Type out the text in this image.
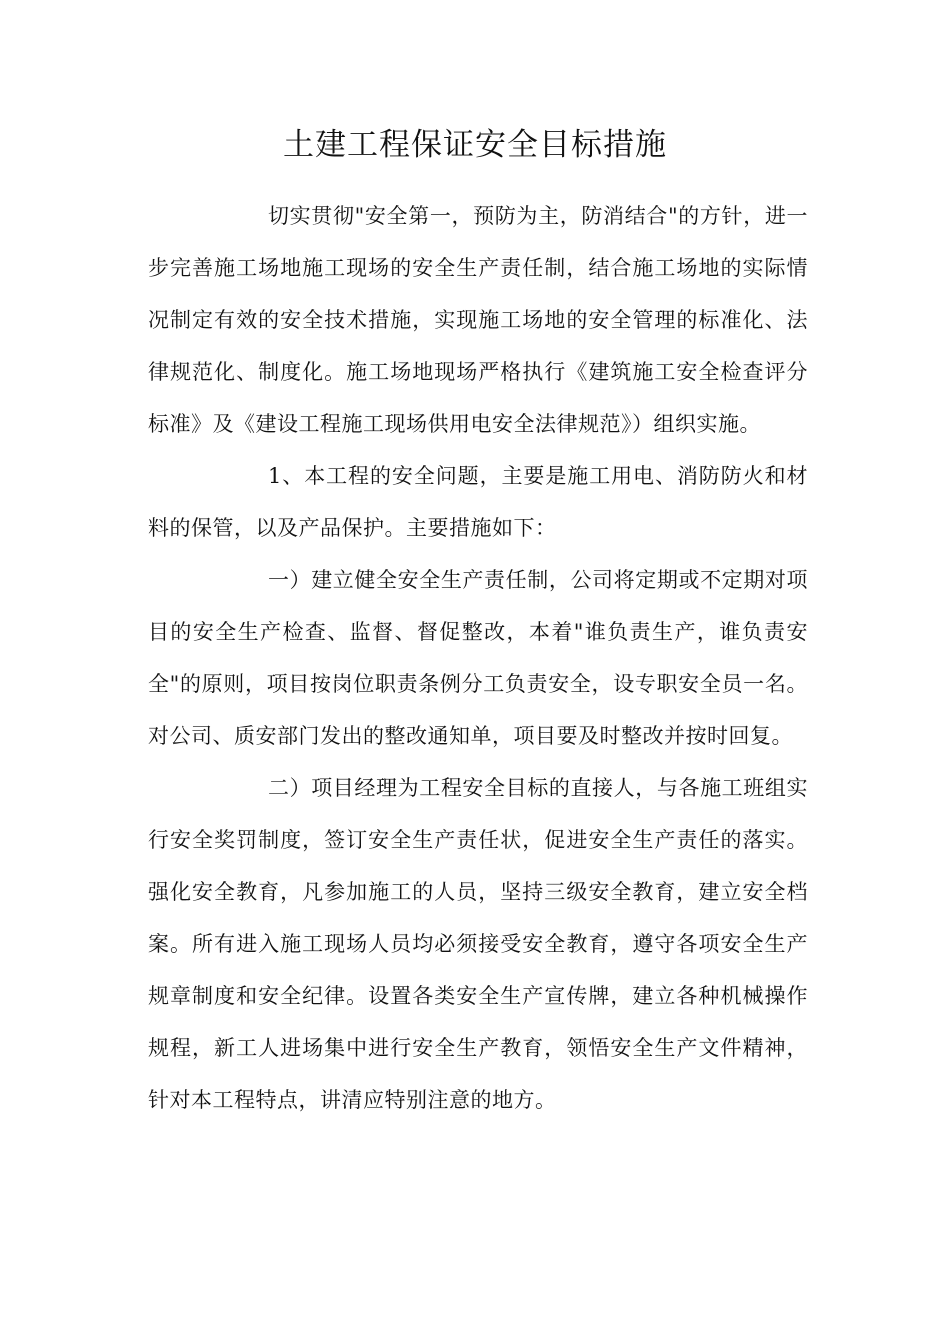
土建工程保证安全目标措施

切实贯彻"安全第一，预防为主，防消结合"的方针，进一步完善施工场地施工现场的安全生产责任制，结合施工场地的实际情况制定有效的安全技术措施，实现施工场地的安全管理的标准化、法律规范化、制度化。施工场地现场严格执行《建筑施工安全检查评分标准》及《建设工程施工现场供用电安全法律规范》）组织实施。

1、本工程的安全问题，主要是施工用电、消防防火和材料的保管，以及产品保护。主要措施如下：

一）建立健全安全生产责任制，公司将定期或不定期对项目的安全生产检查、监督、督促整改，本着"谁负责生产，谁负责安全"的原则，项目按岗位职责条例分工负责安全，设专职安全员一名。对公司、质安部门发出的整改通知单，项目要及时整改并按时回复。

二）项目经理为工程安全目标的直接人，与各施工班组实行安全奖罚制度，签订安全生产责任状，促进安全生产责任的落实。强化安全教育，凡参加施工的人员，坚持三级安全教育，建立安全档案。所有进入施工现场人员均必须接受安全教育，遵守各项安全生产规章制度和安全纪律。设置各类安全生产宣传牌，建立各种机械操作规程，新工人进场集中进行安全生产教育，领悟安全生产文件精神，针对本工程特点，讲清应特别注意的地方。
